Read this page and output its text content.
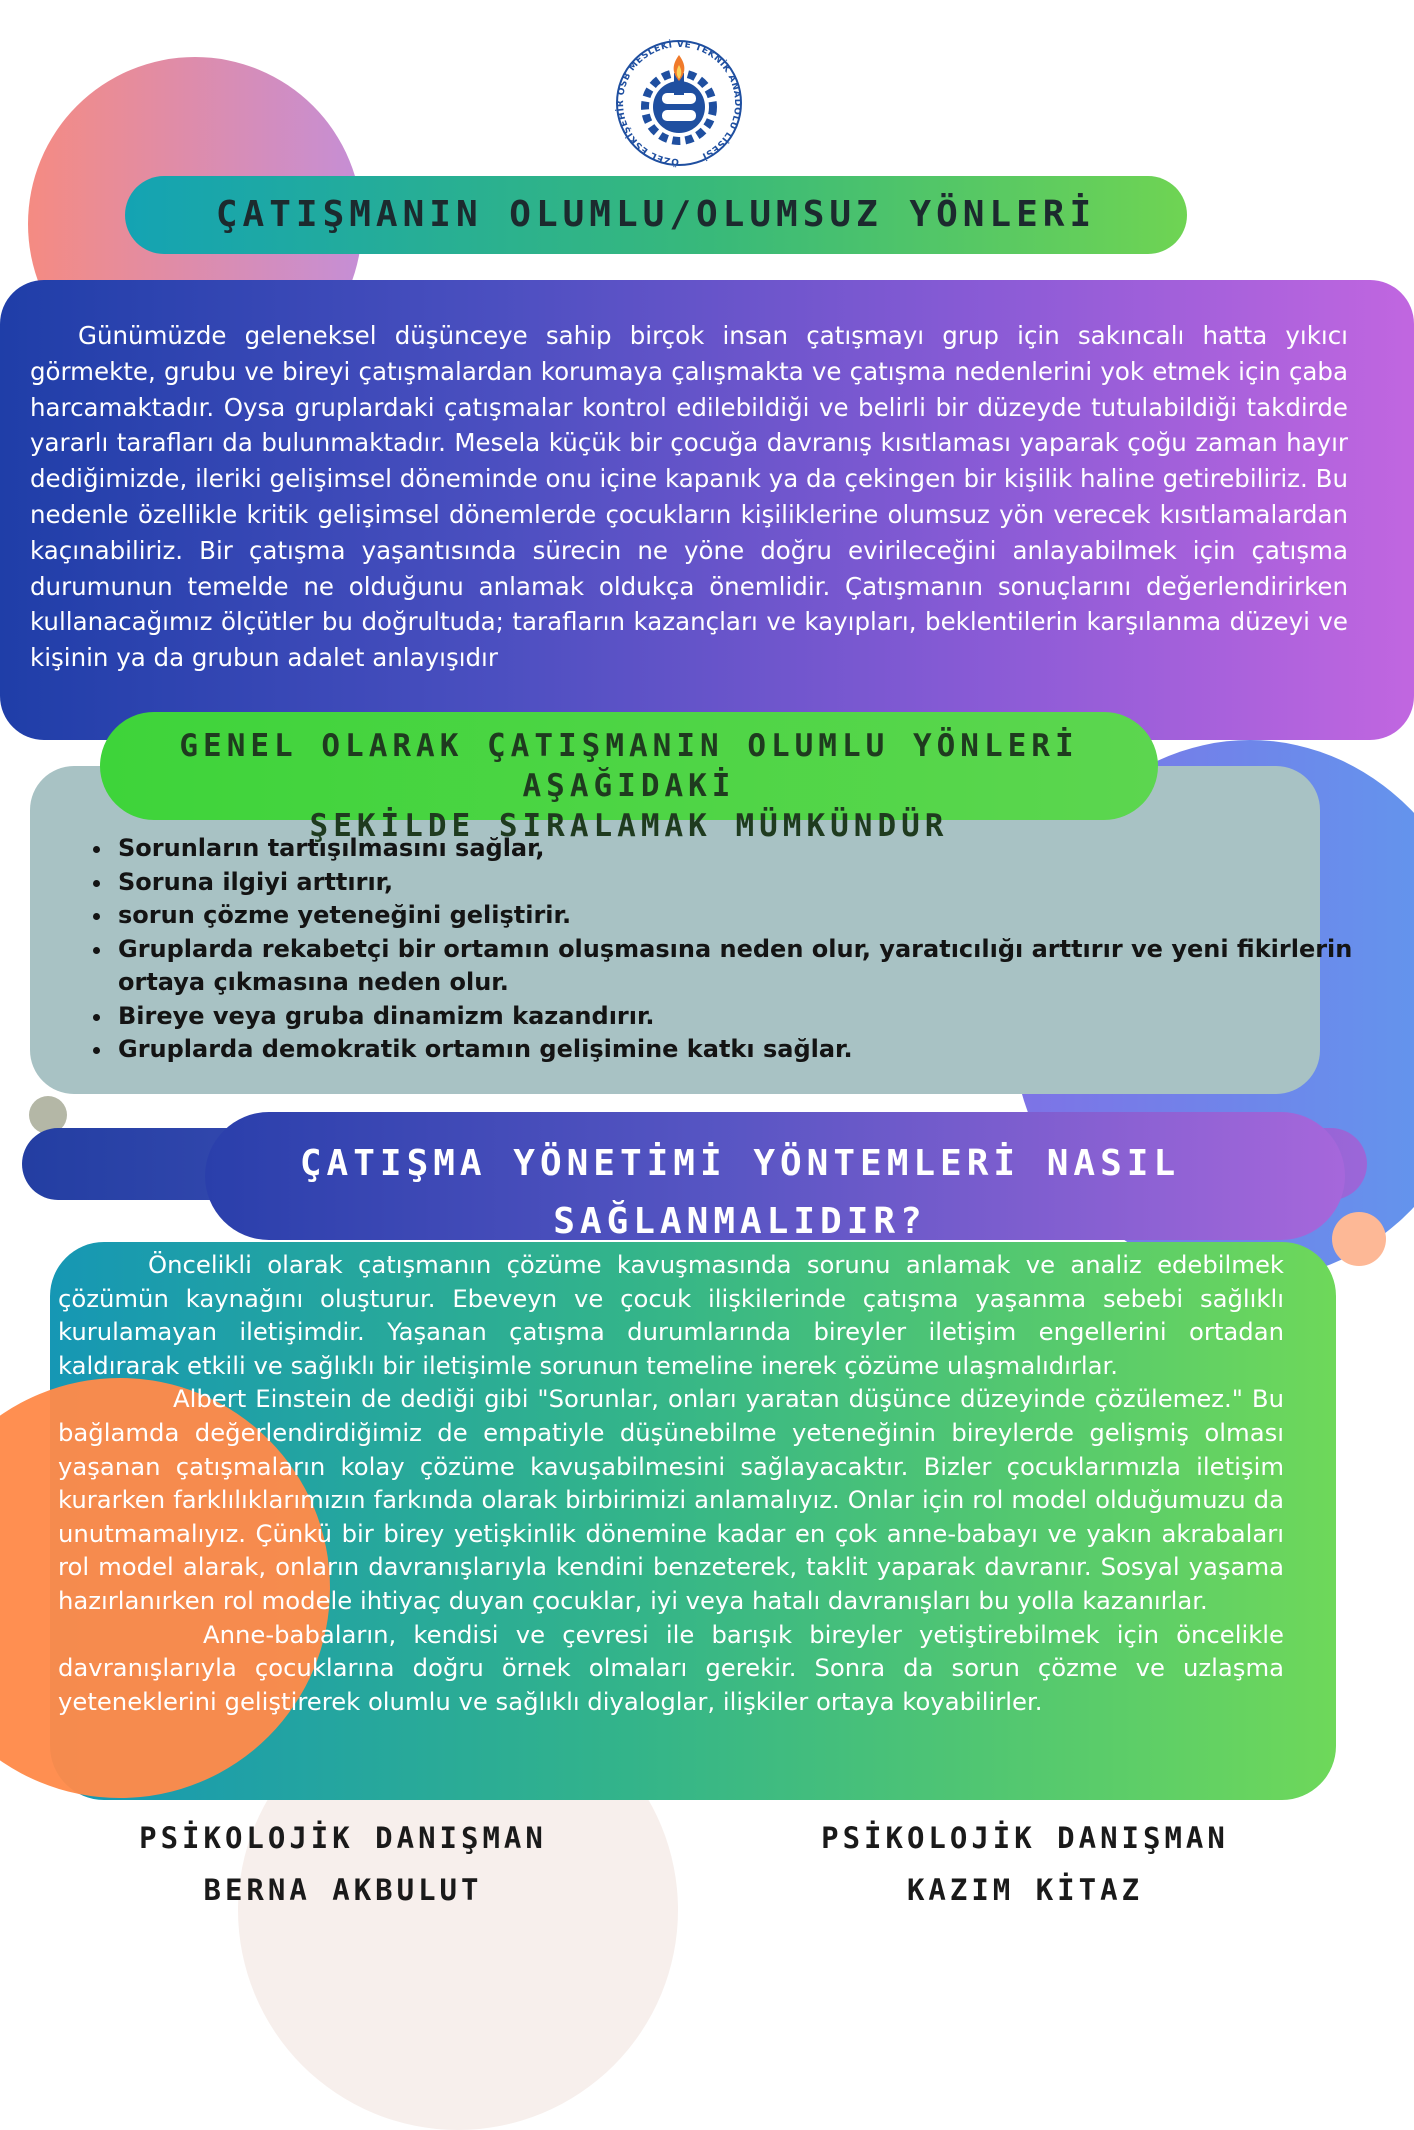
ÖZEL ESKİŞEHİR OSB MESLEKİ VE TEKNİK ANADOLU LİSESİ
ÇATIŞMANIN OLUMLU/OLUMSUZ YÖNLERİ

Günümüzde geleneksel düşünceye sahip birçok insan çatışmayı grup için sakıncalı hatta yıkıcı görmekte, grubu ve bireyi çatışmalardan korumaya çalışmakta ve çatışma nedenlerini yok etmek için çaba harcamaktadır. Oysa gruplardaki çatışmalar kontrol edilebildiği ve belirli bir düzeyde tutulabildiği takdirde yararlı tarafları da bulunmaktadır. Mesela küçük bir çocuğa davranış kısıtlaması yaparak çoğu zaman hayır dediğimizde, ileriki gelişimsel döneminde onu içine kapanık ya da çekingen bir kişilik haline getirebiliriz. Bu nedenle özellikle kritik gelişimsel dönemlerde çocukların kişiliklerine olumsuz yön verecek kısıtlamalardan kaçınabiliriz. Bir çatışma yaşantısında sürecin ne yöne doğru evirileceğini anlayabilmek için çatışma durumunun temelde ne olduğunu anlamak oldukça önemlidir. Çatışmanın sonuçlarını değerlendirirken kullanacağımız ölçütler bu doğrultuda; tarafların kazançları ve kayıpları, beklentilerin karşılanma düzeyi ve kişinin ya da grubun adalet anlayışıdır

GENEL OLARAK ÇATIŞMANIN OLUMLU YÖNLERİ AŞAĞIDAKİ
ŞEKİLDE SIRALAMAK MÜMKÜNDÜR
• Sorunların tartışılmasını sağlar,
• Soruna ilgiyi arttırır,
• sorun çözme yeteneğini geliştirir.
• Gruplarda rekabetçi bir ortamın oluşmasına neden olur, yaratıcılığı arttırır ve yeni fikirlerin ortaya çıkmasına neden olur.
• Bireye veya gruba dinamizm kazandırır.
• Gruplarda demokratik ortamın gelişimine katkı sağlar.
ÇATIŞMA YÖNETİMİ YÖNTEMLERİ NASIL SAĞLANMALIDIR?

Öncelikli olarak çatışmanın çözüme kavuşmasında sorunu anlamak ve analiz edebilmek çözümün kaynağını oluşturur. Ebeveyn ve çocuk ilişkilerinde çatışma yaşanma sebebi sağlıklı kurulamayan iletişimdir. Yaşanan çatışma durumlarında bireyler iletişim engellerini ortadan kaldırarak etkili ve sağlıklı bir iletişimle sorunun temeline inerek çözüme ulaşmalıdırlar.

Albert Einstein de dediği gibi "Sorunlar, onları yaratan düşünce düzeyinde çözülemez." Bu bağlamda değerlendirdiğimiz de empatiyle düşünebilme yeteneğinin bireylerde gelişmiş olması yaşanan çatışmaların kolay çözüme kavuşabilmesini sağlayacaktır. Bizler çocuklarımızla iletişim kurarken farklılıklarımızın farkında olarak birbirimizi anlamalıyız. Onlar için rol model olduğumuzu da unutmamalıyız. Çünkü bir birey yetişkinlik dönemine kadar en çok anne-babayı ve yakın akrabaları rol model alarak, onların davranışlarıyla kendini benzeterek, taklit yaparak davranır. Sosyal yaşama hazırlanırken rol modele ihtiyaç duyan çocuklar, iyi veya hatalı davranışları bu yolla kazanırlar.

Anne-babaların, kendisi ve çevresi ile barışık bireyler yetiştirebilmek için öncelikle davranışlarıyla çocuklarına doğru örnek olmaları gerekir. Sonra da sorun çözme ve uzlaşma yeteneklerini geliştirerek olumlu ve sağlıklı diyaloglar, ilişkiler ortaya koyabilirler.

PSİKOLOJİK DANIŞMAN
BERNA AKBULUT
PSİKOLOJİK DANIŞMAN
KAZIM KİTAZ
